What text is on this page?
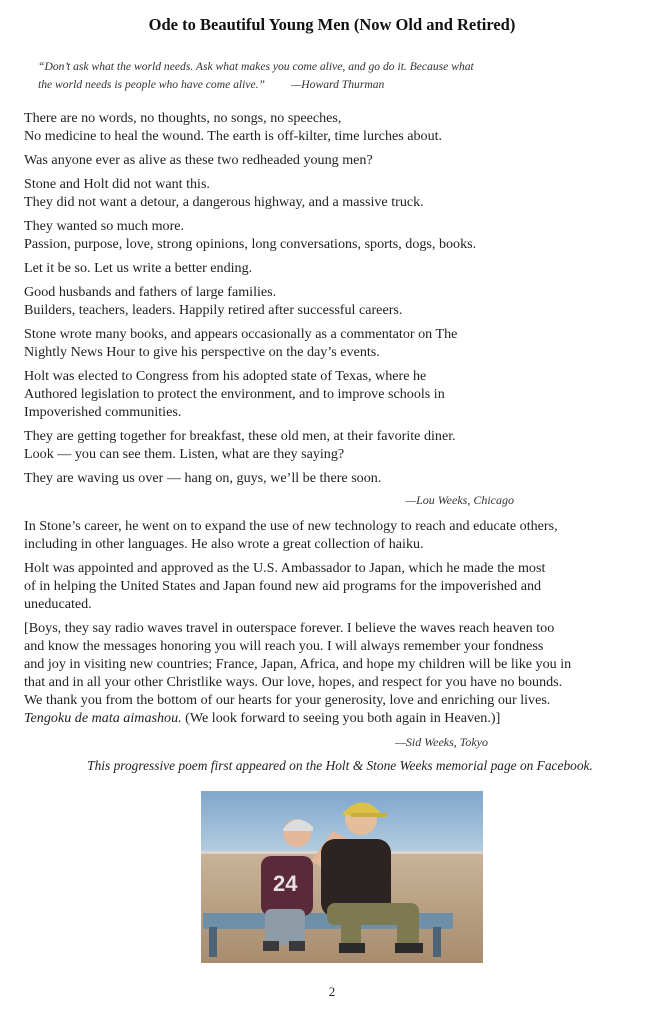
Ode to Beautiful Young Men (Now Old and Retired)
“Don’t ask what the world needs. Ask what makes you come alive, and go do it. Because what
the world needs is people who have come alive.” —Howard Thurman
There are no words, no thoughts, no songs, no speeches,
No medicine to heal the wound. The earth is off-kilter, time lurches about.
Was anyone ever as alive as these two redheaded young men?
Stone and Holt did not want this.
They did not want a detour, a dangerous highway, and a massive truck.
They wanted so much more.
Passion, purpose, love, strong opinions, long conversations, sports, dogs, books.
Let it be so. Let us write a better ending.
Good husbands and fathers of large families.
Builders, teachers, leaders. Happily retired after successful careers.
Stone wrote many books, and appears occasionally as a commentator on The
Nightly News Hour to give his perspective on the day’s events.
Holt was elected to Congress from his adopted state of Texas, where he
Authored legislation to protect the environment, and to improve schools in
Impoverished communities.
They are getting together for breakfast, these old men, at their favorite diner.
Look — you can see them. Listen, what are they saying?
They are waving us over — hang on, guys, we’ll be there soon.
—Lou Weeks, Chicago
In Stone’s career, he went on to expand the use of new technology to reach and educate others,
including in other languages. He also wrote a great collection of haiku.
Holt was appointed and approved as the U.S. Ambassador to Japan, which he made the most
of in helping the United States and Japan found new aid programs for the impoverished and
uneducated.
[Boys, they say radio waves travel in outerspace forever. I believe the waves reach heaven too
and know the messages honoring you will reach you. I will always remember your fondness
and joy in visiting new countries; France, Japan, Africa, and hope my children will be like you in
that and in all your other Christlike ways. Our love, hopes, and respect for you have no bounds.
We thank you from the bottom of our hearts for your generosity, love and enriching our lives.
Tengoku de mata aimashou. (We look forward to seeing you both again in Heaven.)]
—Sid Weeks, Tokyo

This progressive poem first appeared on the Holt & Stone Weeks memorial page on Facebook.

24
2
